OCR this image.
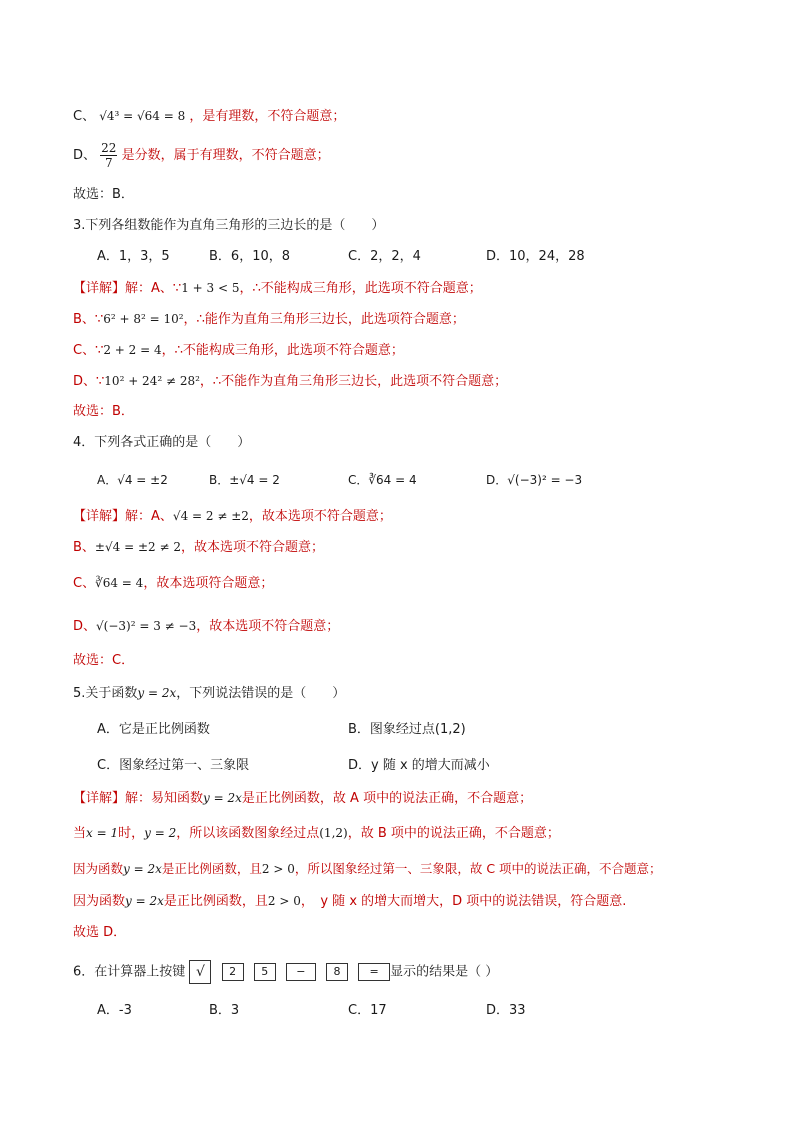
C、 √4³ = √64 = 8 ，是有理数，不符合题意；
D、 $\frac{22}{7}$ 是分数，属于有理数，不符合题意；
故选：B．
3.下列各组数能作为直角三角形的三边长的是（　　）
A．1，3，5	B．6，10，8	C．2，2，4	D．10，24，28
【详解】解：A、∵1 + 3 < 5，∴不能构成三角形，此选项不符合题意；
B、∵6² + 8² = 10²，∴能作为直角三角形三边长，此选项符合题意；
C、∵2 + 2 = 4，∴不能构成三角形，此选项不符合题意；
D、∵10² + 24² ≠ 28²，∴不能作为直角三角形三边长，此选项不符合题意；
故选：B．
4．下列各式正确的是（　　）
A．√4 = ±2	B．±√4 = 2	C．∛64 = 4	D．√(−3)² = −3
【详解】解：A、√4 = 2 ≠ ±2，故本选项不符合题意；
B、±√4 = ±2 ≠ 2，故本选项不符合题意；
C、∛64 = 4，故本选项符合题意；
D、√(−3)² = 3 ≠ −3，故本选项不符合题意；
故选：C．
5.关于函数y = 2x，下列说法错误的是（　　）
A．它是正比例函数	B．图象经过点(1,2)
C．图象经过第一、三象限	D．y 随 x 的增大而减小
【详解】解：易知函数y = 2x是正比例函数，故 A 项中的说法正确，不合题意；
当x = 1时，y = 2，所以该函数图象经过点(1,2)，故 B 项中的说法正确，不合题意；
因为函数y = 2x是正比例函数，且2 > 0，所以图象经过第一、三象限，故 C 项中的说法正确，不合题意；
因为函数y = 2x是正比例函数，且2 > 0，　y 随 x 的增大而增大，D 项中的说法错误，符合题意.
故选 D．
6．在计算器上按键 √ 2 5	−	8	= 显示的结果是（ ）
A．-3	B．3	C．17	D．33
